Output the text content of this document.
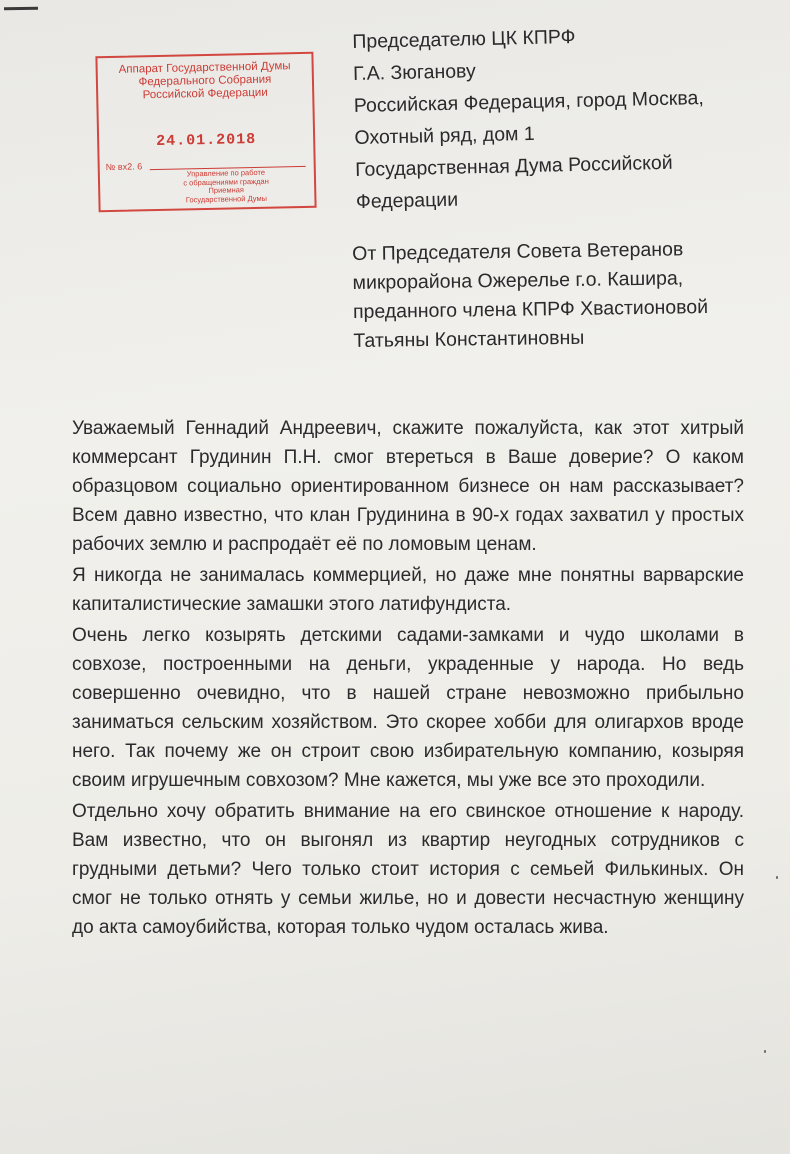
Аппарат Государственной Думы
Федерального Собрания
Российской Федерации
24.01.2018
№ вх2. 6
Управление по работе
с обращениями граждан
Приемная
Государственной Думы
Председателю ЦК КПРФ
Г.А. Зюганову
Российская Федерация, город Москва,
Охотный ряд, дом 1
Государственная Дума Российской
Федерации
От Председателя Совета Ветеранов
микрорайона Ожерелье г.о. Кашира,
преданного члена КПРФ Хвастионовой
Татьяны Константиновны

Уважаемый Геннадий Андреевич, скажите пожалуйста, как этот хитрый коммерсант Грудинин П.Н. смог втереться в Ваше доверие? О каком образцовом социально ориентированном бизнесе он нам рассказывает? Всем давно известно, что клан Грудинина в 90-х годах захватил у простых рабочих землю и распродаёт её по ломовым ценам.

Я никогда не занималась коммерцией, но даже мне понятны варварские капиталистические замашки этого латифундиста.

Очень легко козырять детскими садами-замками и чудо школами в совхозе, построенными на деньги, украденные у народа. Но ведь совершенно очевидно, что в нашей стране невозможно прибыльно заниматься сельским хозяйством. Это скорее хобби для олигархов вроде него. Так почему же он строит свою избирательную компанию, козыряя своим игрушечным совхозом? Мне кажется, мы уже все это проходили.

Отдельно хочу обратить внимание на его свинское отношение к народу. Вам известно, что он выгонял из квартир неугодных сотрудников с грудными детьми? Чего только стоит история с семьей Филькиных. Он смог не только отнять у семьи жилье, но и довести несчастную женщину до акта самоубийства, которая только чудом осталась жива.
